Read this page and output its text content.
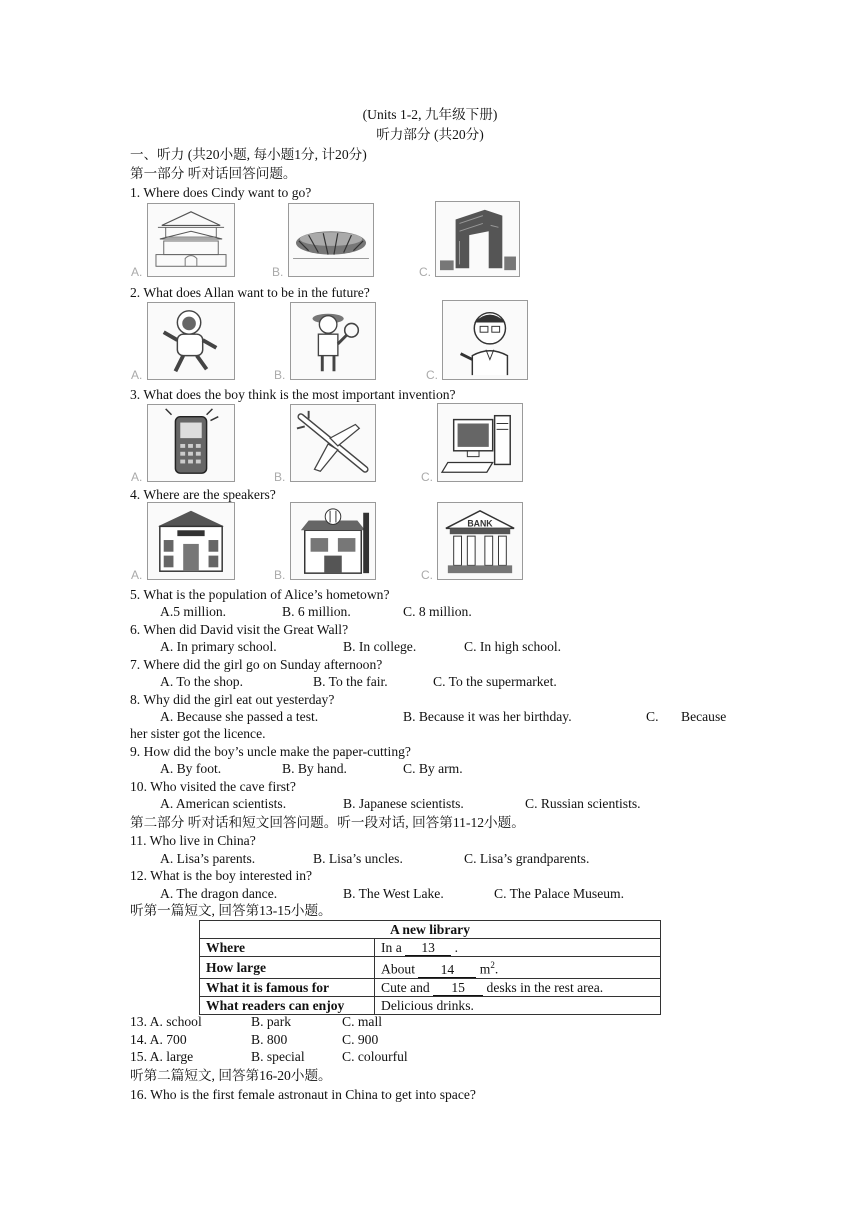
(Units 1-2, 九年级下册)
听力部分 (共20分)
一、听力 (共20小题, 每小题1分, 计20分)
第一部分 听对话回答问题。
1. Where does Cindy want to go?
A.	B.	C.
2. What does Allan want to be in the future?
A.	B.	C.
3. What does the boy think is the most important invention?
A.	B.	C.
4. Where are the speakers?
A.	B.
BANK
C.
5. What is the population of Alice’s hometown?
A.5 million.	B. 6 million.	C. 8 million.
6. When did David visit the Great Wall?
A. In primary school.	B. In college.	C. In high school.
7. Where did the girl go on Sunday afternoon?
A. To the shop.	B. To the fair.	C. To the supermarket.
8. Why did the girl eat out yesterday?
A. Because she passed a test.	B. Because it was her birthday.	C. Because
her sister got the licence.
9. How did the boy’s uncle make the paper-cutting?
A. By foot.	B. By hand.	C. By arm.
10. Who visited the cave first?
A. American scientists.	B. Japanese scientists.	C. Russian scientists.
第二部分 听对话和短文回答问题。听一段对话, 回答第11-12小题。
11. Who live in China?
A. Lisa’s parents.	B. Lisa’s uncles.	C. Lisa’s grandparents.
12. What is the boy interested in?
A. The dragon dance.	B. The West Lake.	C. The Palace Museum.
听第一篇短文, 回答第13-15小题。
A new library	
Where	In a 13 .
How large	About 14 $m^2$.
What it is famous for	Cute and 15 desks in the rest area.
What readers can enjoy	Delicious drinks.
13. A. school	B. park	C. mall
14. A. 700	B. 800	C. 900
15. A. large	B. special	C. colourful
听第二篇短文, 回答第16-20小题。
16. Who is the first female astronaut in China to get into space?
